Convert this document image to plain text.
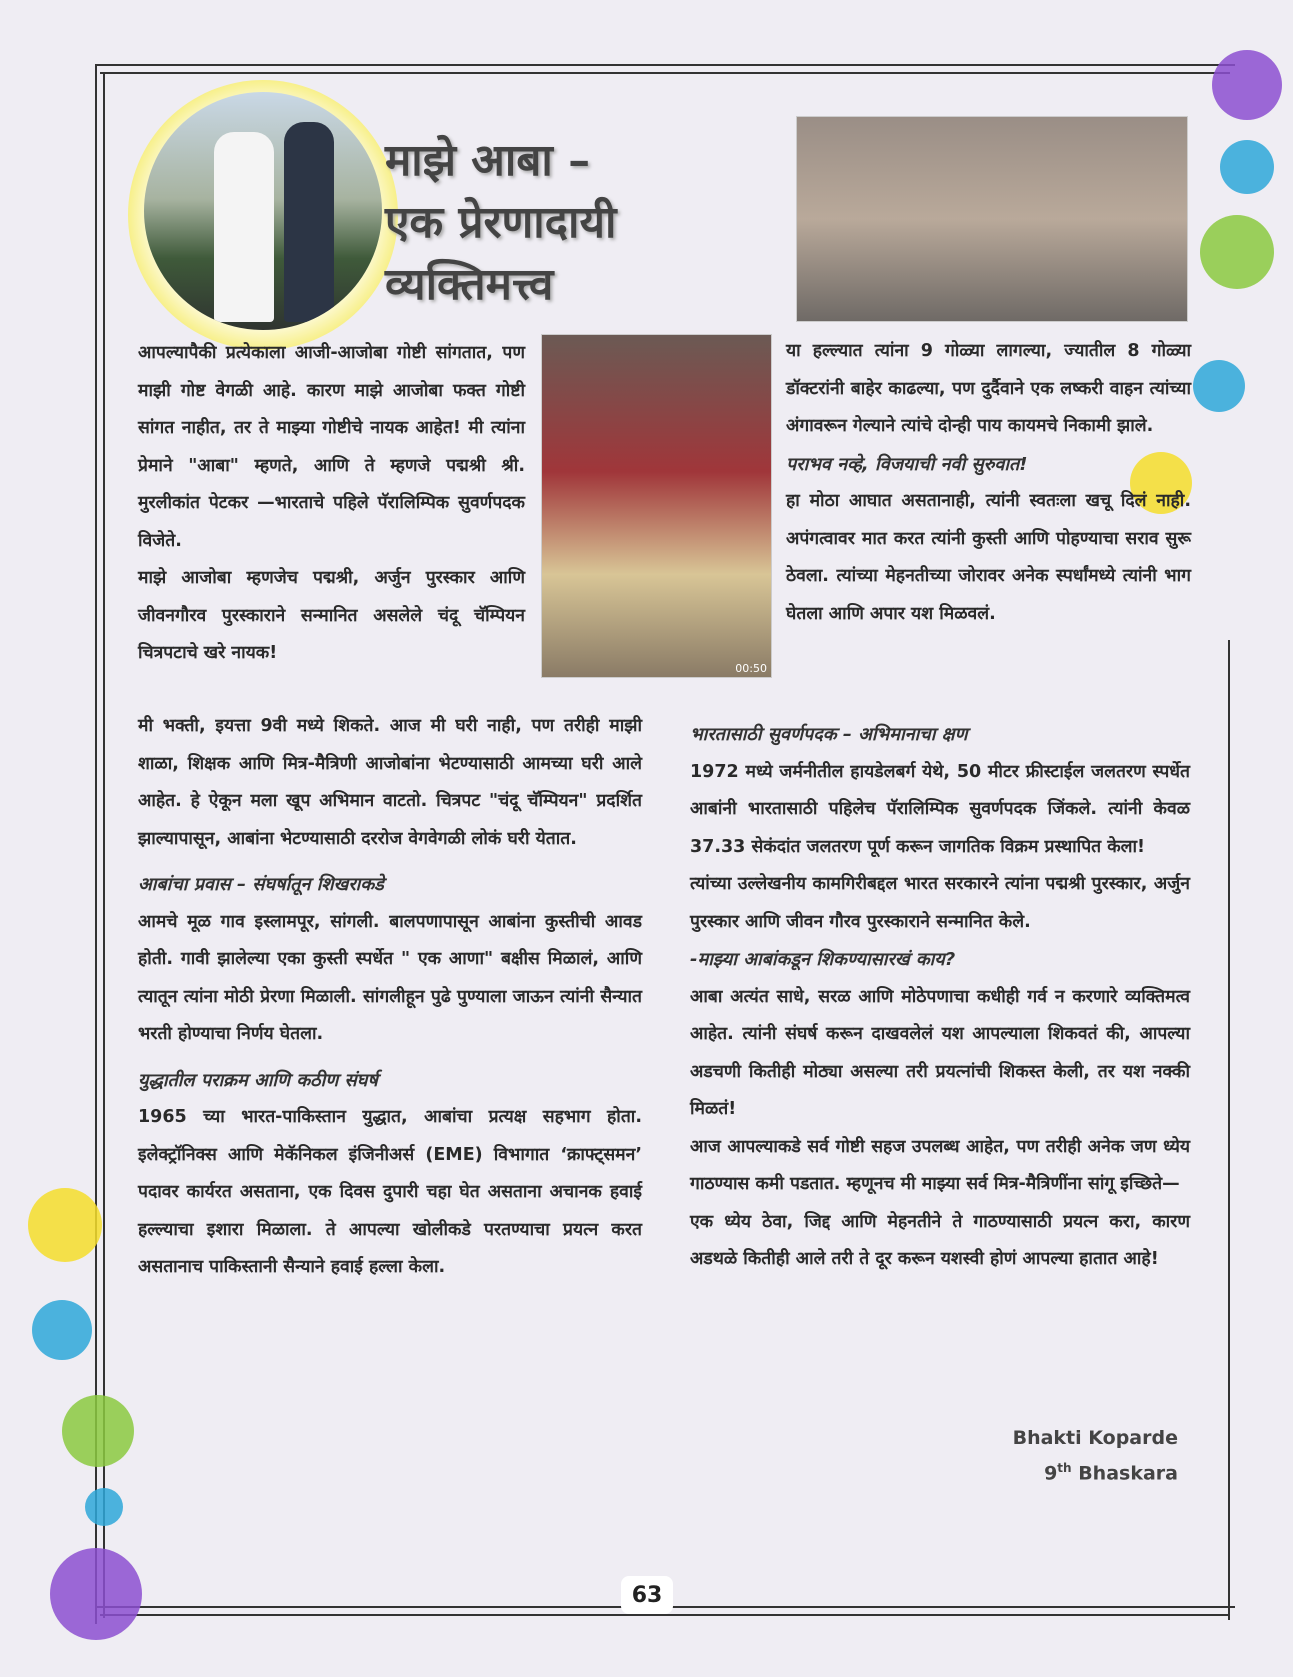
00:50
माझे आबा –
एक प्रेरणादायी
व्यक्तिमत्त्व

आपल्यापैकी प्रत्येकाला आजी-आजोबा गोष्टी सांगतात, पण माझी गोष्ट वेगळी आहे. कारण माझे आजोबा फक्त गोष्टी सांगत नाहीत, तर ते माझ्या गोष्टीचे नायक आहेत! मी त्यांना प्रेमाने "आबा" म्हणते, आणि ते म्हणजे पद्मश्री श्री. मुरलीकांत पेटकर —भारताचे पहिले पॅरालिम्पिक सुवर्णपदक विजेते.

माझे आजोबा म्हणजेच पद्मश्री, अर्जुन पुरस्कार आणि जीवनगौरव पुरस्काराने सन्मानित असलेले चंदू चॅम्पियन चित्रपटाचे खरे नायक!

मी भक्ती, इयत्ता 9वी मध्ये शिकते. आज मी घरी नाही, पण तरीही माझी शाळा, शिक्षक आणि मित्र-मैत्रिणी आजोबांना भेटण्यासाठी आमच्या घरी आले आहेत. हे ऐकून मला खूप अभिमान वाटतो. चित्रपट "चंदू चॅम्पियन" प्रदर्शित झाल्यापासून, आबांना भेटण्यासाठी दररोज वेगवेगळी लोकं घरी येतात.

आबांचा प्रवास – संघर्षातून शिखराकडे

आमचे मूळ गाव इस्लामपूर, सांगली. बालपणापासून आबांना कुस्तीची आवड होती. गावी झालेल्या एका कुस्ती स्पर्धेत " एक आणा" बक्षीस मिळालं, आणि त्यातून त्यांना मोठी प्रेरणा मिळाली. सांगलीहून पुढे पुण्याला जाऊन त्यांनी सैन्यात भरती होण्याचा निर्णय घेतला.

युद्धातील पराक्रम आणि कठीण संघर्ष

1965 च्या भारत-पाकिस्तान युद्धात, आबांचा प्रत्यक्ष सहभाग होता. इलेक्ट्रॉनिक्स आणि मेकॅनिकल इंजिनीअर्स (EME) विभागात ‘क्राफ्ट्समन’ पदावर कार्यरत असताना, एक दिवस दुपारी चहा घेत असताना अचानक हवाई हल्ल्याचा इशारा मिळाला. ते आपल्या खोलीकडे परतण्याचा प्रयत्न करत असतानाच पाकिस्तानी सैन्याने हवाई हल्ला केला.

या हल्ल्यात त्यांना 9 गोळ्या लागल्या, ज्यातील 8 गोळ्या डॉक्टरांनी बाहेर काढल्या, पण दुर्दैवाने एक लष्करी वाहन त्यांच्या अंगावरून गेल्याने त्यांचे दोन्ही पाय कायमचे निकामी झाले.

पराभव नव्हे, विजयाची नवी सुरुवात!

हा मोठा आघात असतानाही, त्यांनी स्वतःला खचू दिलं नाही. अपंगत्वावर मात करत त्यांनी कुस्ती आणि पोहण्याचा सराव सुरू ठेवला. त्यांच्या मेहनतीच्या जोरावर अनेक स्पर्धांमध्ये त्यांनी भाग घेतला आणि अपार यश मिळवलं.

भारतासाठी सुवर्णपदक – अभिमानाचा क्षण

1972 मध्ये जर्मनीतील हायडेलबर्ग येथे, 50 मीटर फ्रीस्टाईल जलतरण स्पर्धेत आबांनी भारतासाठी पहिलेच पॅरालिम्पिक सुवर्णपदक जिंकले. त्यांनी केवळ 37.33 सेकंदांत जलतरण पूर्ण करून जागतिक विक्रम प्रस्थापित केला!

त्यांच्या उल्लेखनीय कामगिरीबद्दल भारत सरकारने त्यांना पद्मश्री पुरस्कार, अर्जुन पुरस्कार आणि जीवन गौरव पुरस्काराने सन्मानित केले.

-माझ्या आबांकडून शिकण्यासारखं काय?

आबा अत्यंत साधे, सरळ आणि मोठेपणाचा कधीही गर्व न करणारे व्यक्तिमत्व आहेत. त्यांनी संघर्ष करून दाखवलेलं यश आपल्याला शिकवतं की, आपल्या अडचणी कितीही मोठ्या असल्या तरी प्रयत्नांची शिकस्त केली, तर यश नक्की मिळतं!

आज आपल्याकडे सर्व गोष्टी सहज उपलब्ध आहेत, पण तरीही अनेक जण ध्येय गाठण्यास कमी पडतात. म्हणूनच मी माझ्या सर्व मित्र-मैत्रिणींना सांगू इच्छिते—

एक ध्येय ठेवा, जिद्द आणि मेहनतीने ते गाठण्यासाठी प्रयत्न करा, कारण अडथळे कितीही आले तरी ते दूर करून यशस्वी होणं आपल्या हातात आहे!

Bhakti Koparde
9th Bhaskara
63
